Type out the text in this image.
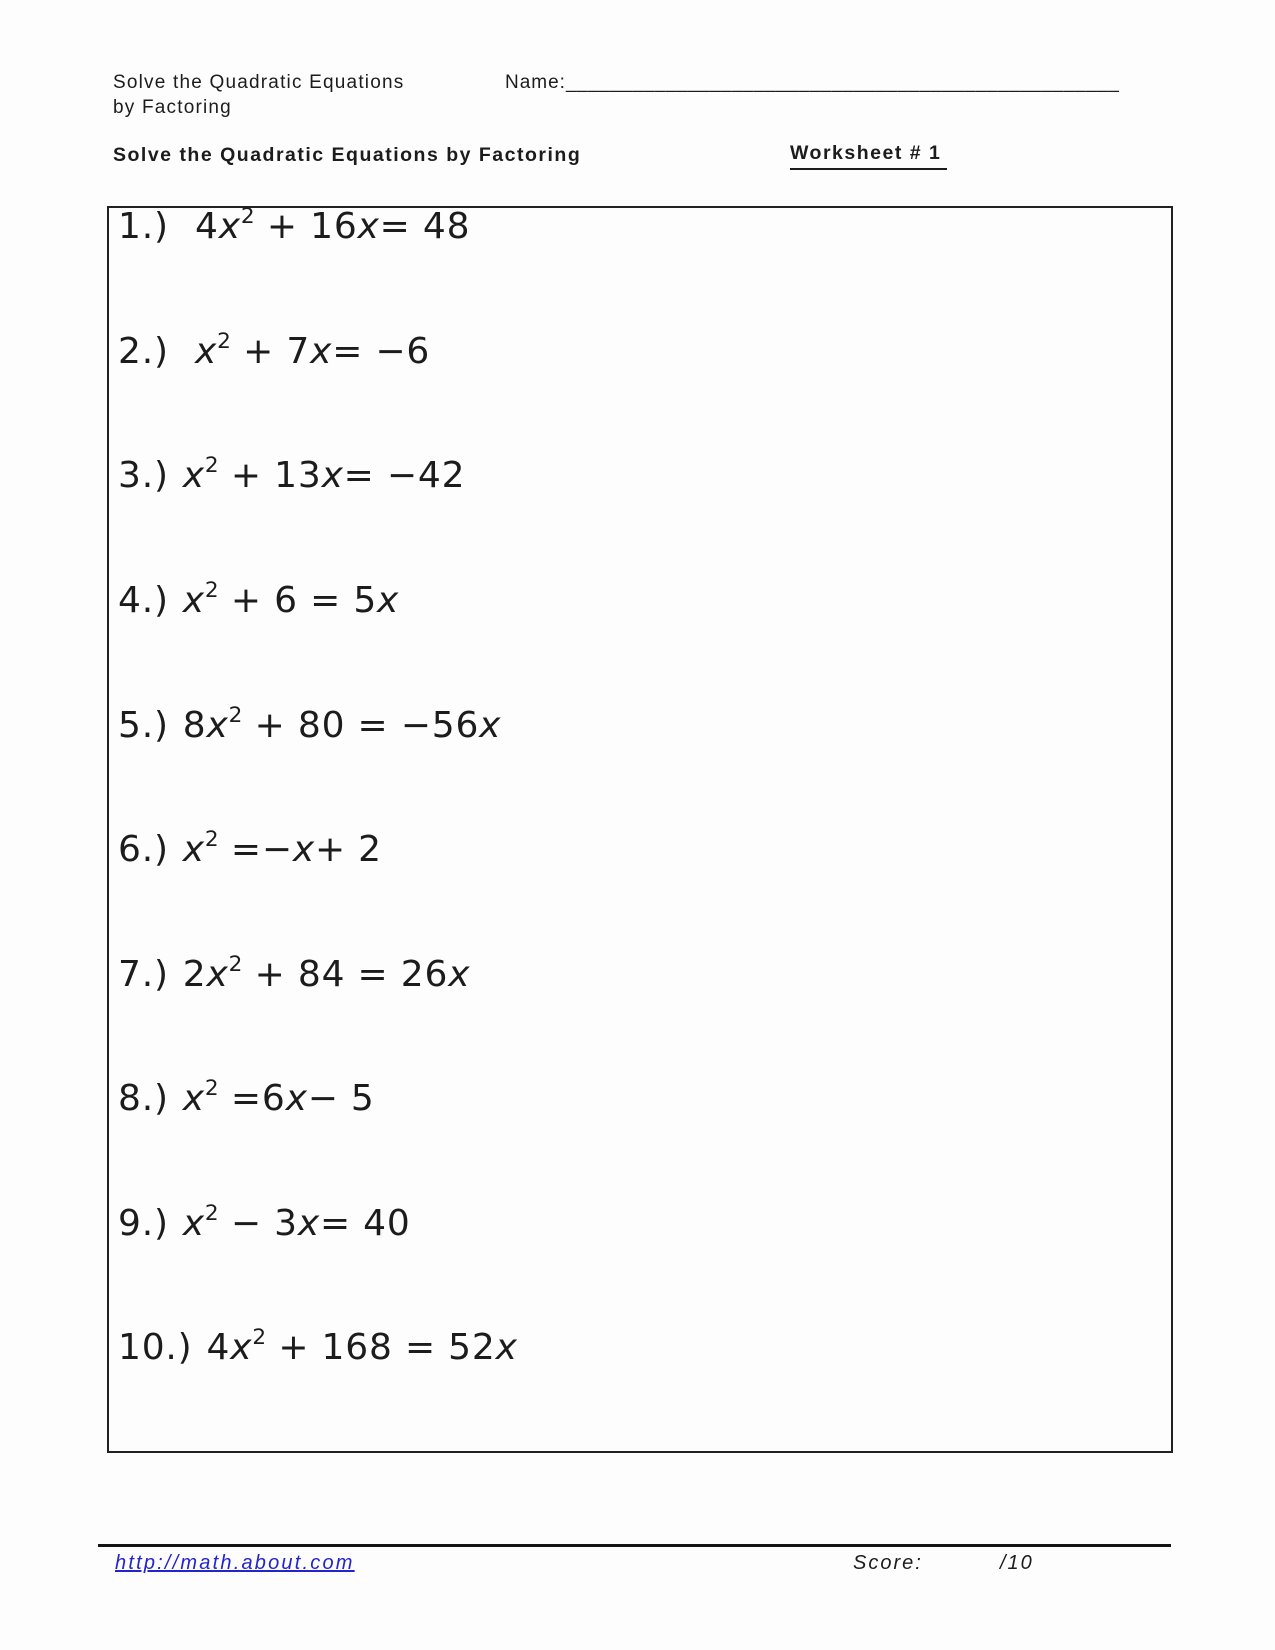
Solve the Quadratic Equations
by Factoring
Name:__________________________________________________
Solve the Quadratic Equations by Factoring	Worksheet # 1
1.) $4x^2 + 16x= 48$
2.) $x^2 + 7x= -6$
3.) $x^2 + 13x= -42$
4.) $x^2 + 6 = 5x$
5.) $8x^2 + 80 = -56x$
6.) $x^2 =-x+ 2$
7.) $2x^2 + 84 = 26x$
8.) $x^2 =6x- 5$
9.) $x^2 - 3x= 40$
10.) $4x^2 + 168 = 52x$
http://math.about.com	Score:	/10
